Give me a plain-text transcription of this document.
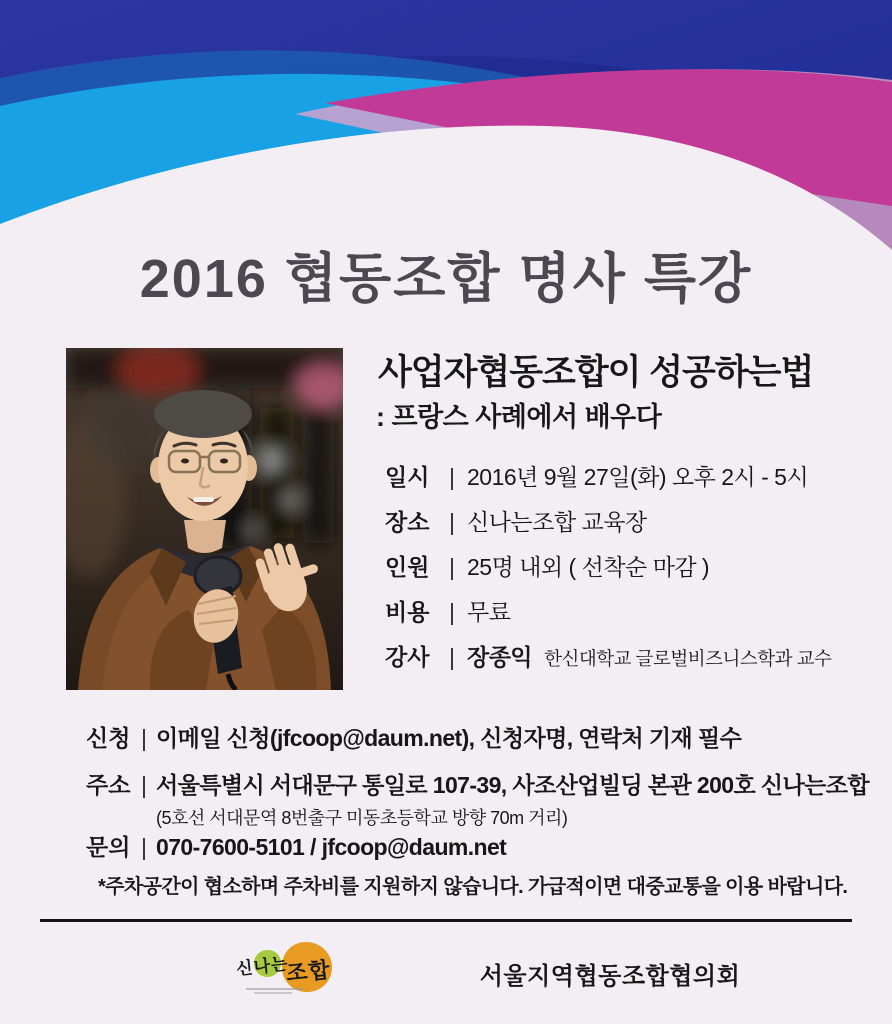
2016 협동조합 명사 특강
사업자협동조합이 성공하는법
: 프랑스 사례에서 배우다
일시 | 2016년 9월 27일(화) 오후 2시 - 5시
장소 | 신나는조합 교육장
인원 | 25명 내외 ( 선착순 마감 )
비용 | 무료
강사 | 장종익 한신대학교 글로벌비즈니스학과 교수
신청 | 이메일 신청(jfcoop@daum.net), 신청자명, 연락처 기재 필수
주소 | 서울특별시 서대문구 통일로 107-39, 사조산업빌딩 본관 200호 신나는조합
(5호선 서대문역 8번출구 미동초등학교 방향 70m 거리)
문의 | 070-7600-5101 / jfcoop@daum.net
*주차공간이 협소하며 주차비를 지원하지 않습니다. 가급적이면 대중교통을 이용 바랍니다.
신나는
조합	서울지역협동조합협의회
